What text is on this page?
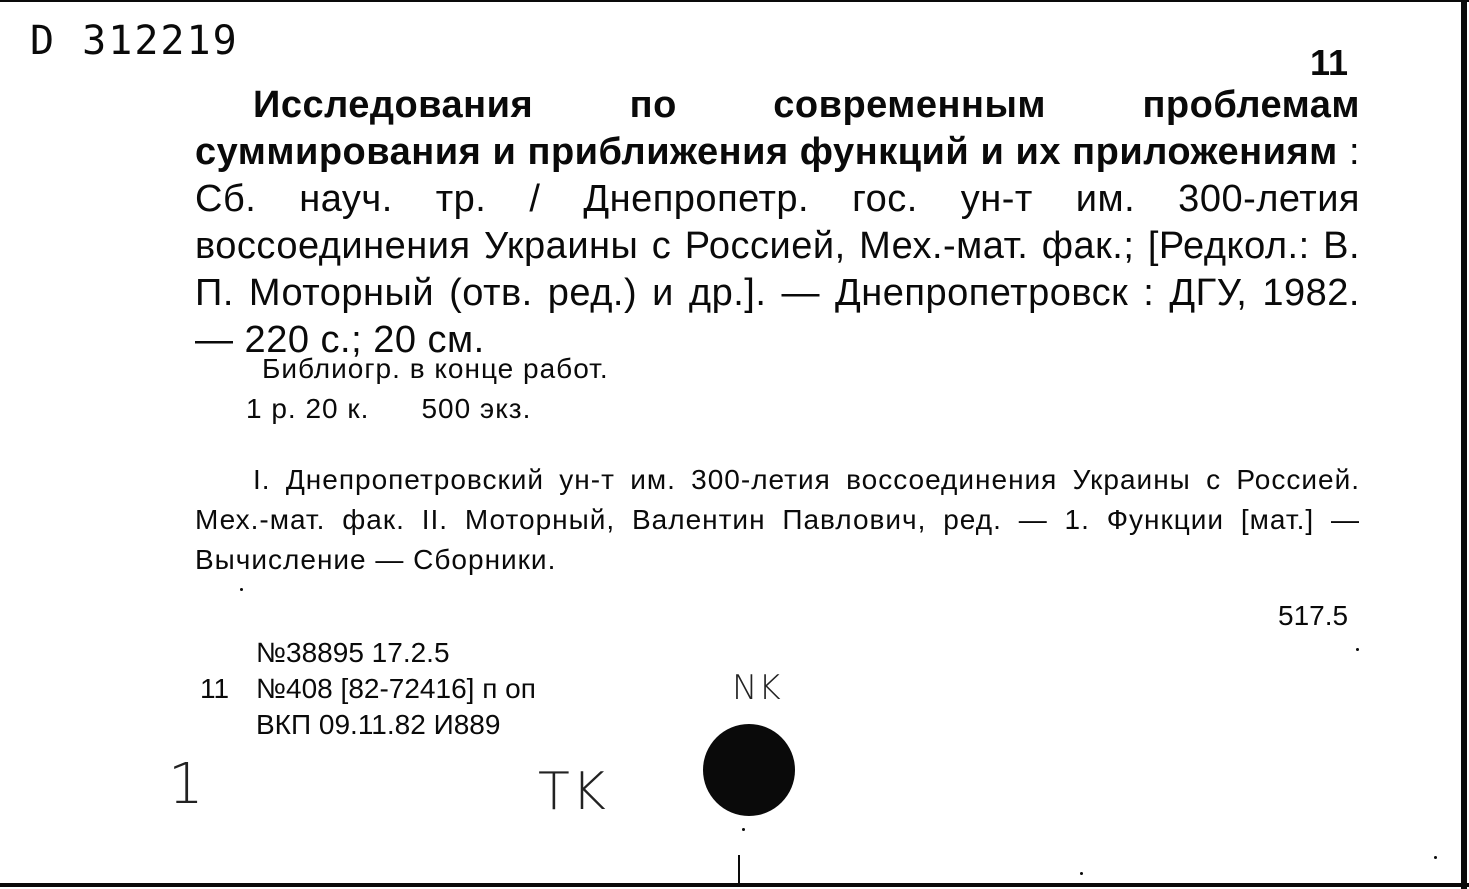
D 312219	11
Исследования по современным проблемам суммирования и приближения функций и их приложениям : Сб. науч. тр. / Днепропетр. гос. ун-т им. 300-летия воссоединения Украины с Россией, Мех.-мат. фак.; [Редкол.: В. П. Моторный (отв. ред.) и др.]. — Днепропетровск : ДГУ, 1982. — 220 с.; 20 см.
Библиогр. в конце работ.
1 р. 20 к. 500 экз.
I. Днепропетровский ун-т им. 300-летия воссоединения Украины с Россией. Мех.-мат. фак. II. Моторный, Валентин Павлович, ред. — 1. Функции [мат.] — Вычисление — Сборники.
517.5
№38895 17.2.5
11 №408 [82-72416] п оп
ВКП 09.11.82 И889
NK
1	TK
